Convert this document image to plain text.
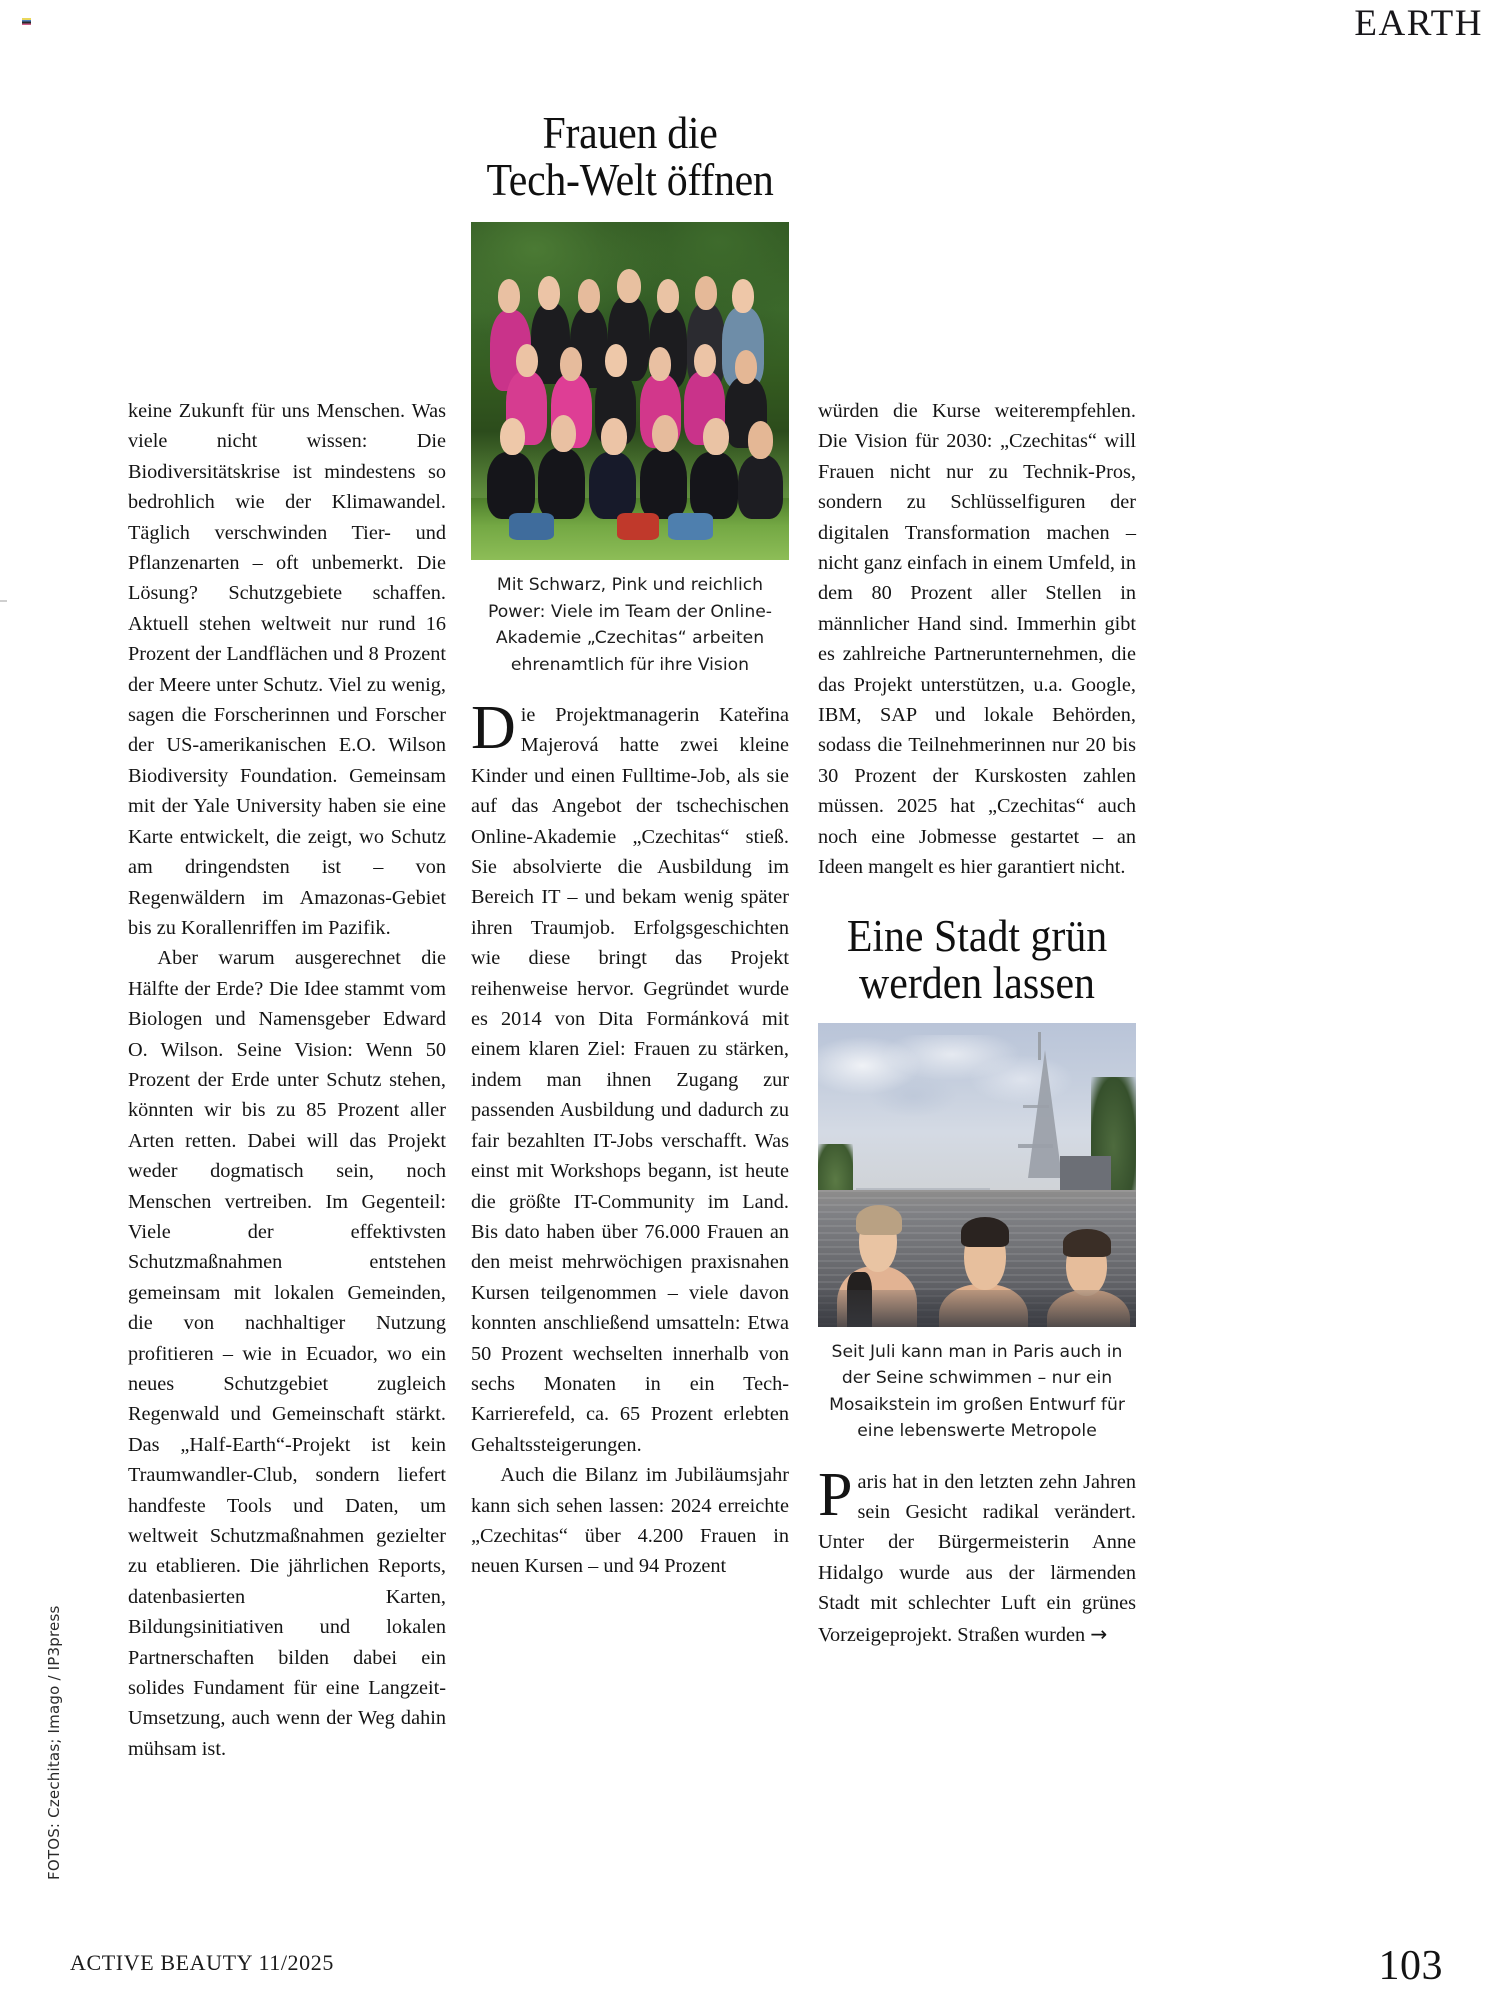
EARTH

keine Zukunft für uns Menschen. Was viele nicht wissen: Die Biodiversitätskrise ist mindestens so bedrohlich wie der Klimawandel. Täglich verschwinden Tier- und Pflanzenarten – oft unbemerkt. Die Lösung? Schutzgebiete schaffen. Aktuell stehen weltweit nur rund 16 Prozent der Landflächen und 8 Prozent der Meere unter Schutz. Viel zu wenig, sagen die Forscherinnen und Forscher der US-amerikanischen E.O. Wilson Biodiversity Foundation. Gemeinsam mit der Yale University haben sie eine Karte entwickelt, die zeigt, wo Schutz am dringendsten ist – von Regenwäldern im Amazonas-Gebiet bis zu Korallenriffen im Pazifik.

Aber warum ausgerechnet die Hälfte der Erde? Die Idee stammt vom Biologen und Namensgeber Edward O. Wilson. Seine Vision: Wenn 50 Prozent der Erde unter Schutz stehen, könnten wir bis zu 85 Prozent aller Arten retten. Dabei will das Projekt weder dogmatisch sein, noch Menschen vertreiben. Im Gegenteil: Viele der effektivsten Schutzmaßnahmen entstehen gemeinsam mit lokalen Gemeinden, die von nachhaltiger Nutzung profitieren – wie in Ecuador, wo ein neues Schutzgebiet zugleich Regenwald und Gemeinschaft stärkt. Das „Half-Earth“-Projekt ist kein Traumwandler-Club, sondern liefert handfeste Tools und Daten, um weltweit Schutzmaßnahmen gezielter zu etablieren. Die jährlichen Reports, datenbasierten Karten, Bildungsinitiativen und lokalen Partnerschaften bilden dabei ein solides Fundament für eine Langzeit-Umsetzung, auch wenn der Weg dahin mühsam ist.

Frauen die
Tech-Welt öffnen
Mit Schwarz, Pink und reichlich Power: Viele im Team der Online-Akademie „Czechitas“ arbeiten ehrenamtlich für ihre Vision

Die Projektmanagerin Kateřina Majerová hatte zwei kleine Kinder und einen Fulltime-Job, als sie auf das Angebot der tschechischen Online-Akademie „Czechitas“ stieß. Sie absolvierte die Ausbildung im Bereich IT – und bekam wenig später ihren Traumjob. Erfolgsgeschichten wie diese bringt das Projekt reihenweise hervor. Gegründet wurde es 2014 von Dita Formánková mit einem klaren Ziel: Frauen zu stärken, indem man ihnen Zugang zur passenden Ausbildung und dadurch zu fair bezahlten IT-Jobs verschafft. Was einst mit Workshops begann, ist heute die größte IT-Community im Land. Bis dato haben über 76.000 Frauen an den meist mehrwöchigen praxisnahen Kursen teilgenommen – viele davon konnten anschließend umsatteln: Etwa 50 Prozent wechselten innerhalb von sechs Monaten in ein Tech-Karrierefeld, ca. 65 Prozent erlebten Gehaltssteigerungen.

Auch die Bilanz im Jubiläumsjahr kann sich sehen lassen: 2024 erreichte „Czechitas“ über 4.200 Frauen in neuen Kursen – und 94 Prozent

würden die Kurse weiterempfehlen. Die Vision für 2030: „Czechitas“ will Frauen nicht nur zu Technik-Pros, sondern zu Schlüsselfiguren der digitalen Transformation machen – nicht ganz einfach in einem Umfeld, in dem 80 Prozent aller Stellen in männlicher Hand sind. Immerhin gibt es zahlreiche Partnerunternehmen, die das Projekt unterstützen, u.a. Google, IBM, SAP und lokale Behörden, sodass die Teilnehmerinnen nur 20 bis 30 Prozent der Kurskosten zahlen müssen. 2025 hat „Czechitas“ auch noch eine Jobmesse gestartet – an Ideen mangelt es hier garantiert nicht.

Eine Stadt grün
werden lassen
Seit Juli kann man in Paris auch in der Seine schwimmen – nur ein Mosaikstein im großen Entwurf für eine lebenswerte Metropole

Paris hat in den letzten zehn Jahren sein Gesicht radikal verändert. Unter der Bürgermeisterin Anne Hidalgo wurde aus der lärmenden Stadt mit schlechter Luft ein grünes Vorzeigeprojekt. Straßen wurden →

FOTOS: Czechitas; Imago / IP3press
ACTIVE BEAUTY 11/2025	103
